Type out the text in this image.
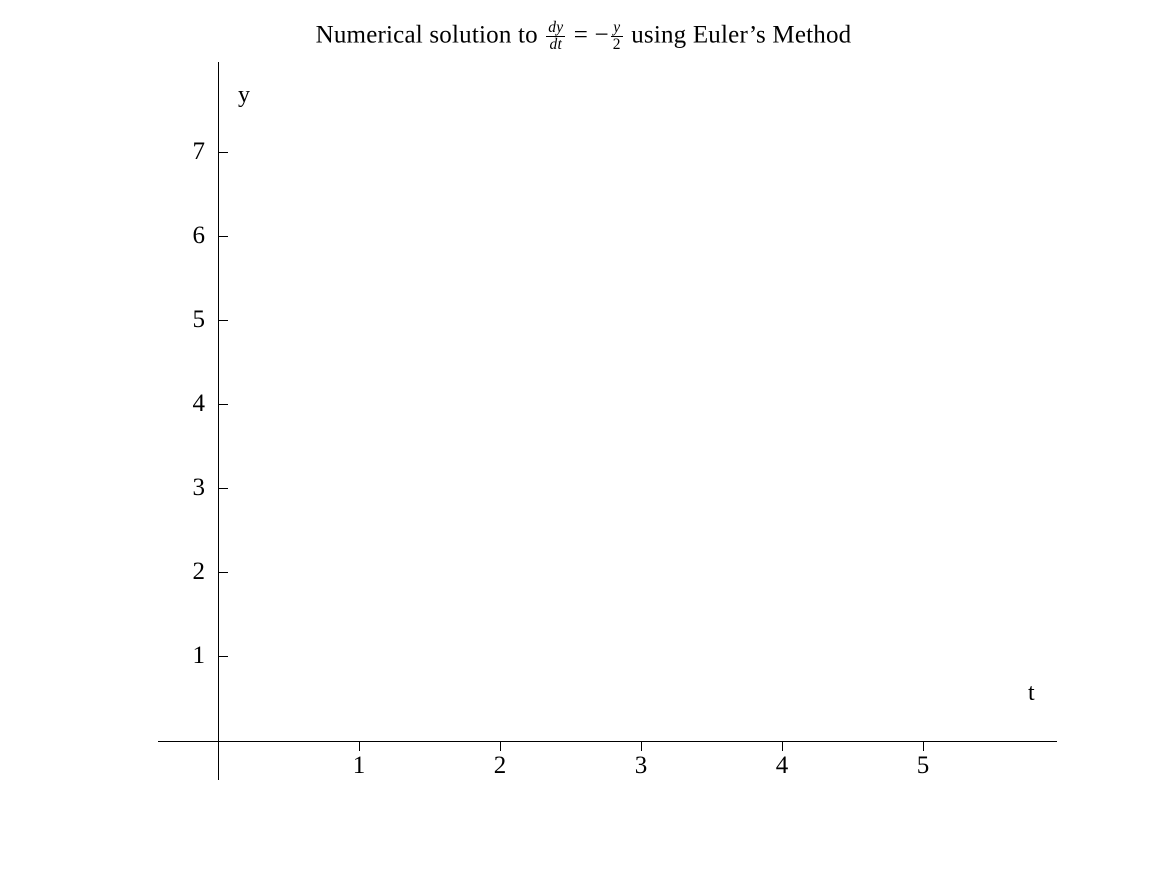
Numerical solution to $\frac{dy}{dt}$ = − $\frac{y}{2}$ using Euler’s Method
7
6
5
4
3
2
1
1	2	3	4	5
y
t
